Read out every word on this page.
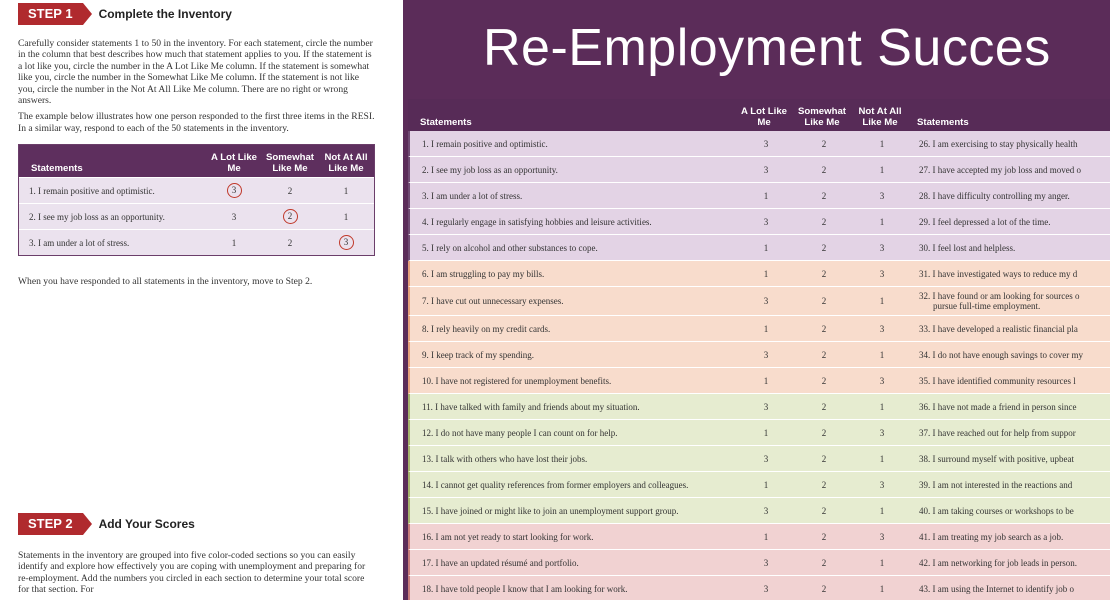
STEP 1	Complete the Inventory

Carefully consider statements 1 to 50 in the inventory. For each statement, circle the number in the column that best describes how much that statement applies to you. If the statement is a lot like you, circle the number in the A Lot Like Me column. If the statement is somewhat like you, circle the number in the Somewhat Like Me column. If the statement is not like you, circle the number in the Not At All Like Me column. There are no right or wrong answers.

The example below illustrates how one person responded to the first three items in the RESI. In a similar way, respond to each of the 50 statements in the inventory.

Statements
A Lot Like Me
Somewhat Like Me
Not At All Like Me
1. I remain positive and optimistic.	3	2	1
2. I see my job loss as an opportunity.	3	2	1
3. I am under a lot of stress.	1	2	3

When you have responded to all statements in the inventory, move to Step 2.

STEP 2	Add Your Scores

Statements in the inventory are grouped into five color-coded sections so you can easily identify and explore how effectively you are coping with unemployment and preparing for re-employment. Add the numbers you circled in each section to determine your total score for that section. For

Re-Employment Succes
Statements
A Lot Like Me
Somewhat Like Me
Not At All Like Me	Statements
1. I remain positive and optimistic.	3	2	1	26. I am exercising to stay physically health
2. I see my job loss as an opportunity.	3	2	1	27. I have accepted my job loss and moved o
3. I am under a lot of stress.	1	2	3	28. I have difficulty controlling my anger.
4. I regularly engage in satisfying hobbies and leisure activities.	3	2	1	29. I feel depressed a lot of the time.
5. I rely on alcohol and other substances to cope.	1	2	3	30. I feel lost and helpless.
6. I am struggling to pay my bills.	1	2	3	31. I have investigated ways to reduce my d
7. I have cut out unnecessary expenses.	3	2	1	32. I have found or am looking for sources o
pursue full-time employment.
8. I rely heavily on my credit cards.	1	2	3	33. I have developed a realistic financial pla
9. I keep track of my spending.	3	2	1	34. I do not have enough savings to cover my
10. I have not registered for unemployment benefits.	1	2	3	35. I have identified community resources l
11. I have talked with family and friends about my situation.	3	2	1	36. I have not made a friend in person since
12. I do not have many people I can count on for help.	1	2	3	37. I have reached out for help from suppor
13. I talk with others who have lost their jobs.	3	2	1	38. I surround myself with positive, upbeat
14. I cannot get quality references from former employers and colleagues.	1	2	3	39. I am not interested in the reactions and
15. I have joined or might like to join an unemployment support group.	3	2	1	40. I am taking courses or workshops to be
16. I am not yet ready to start looking for work.	1	2	3	41. I am treating my job search as a job.
17. I have an updated résumé and portfolio.	3	2	1	42. I am networking for job leads in person.
18. I have told people I know that I am looking for work.	3	2	1	43. I am using the Internet to identify job o
